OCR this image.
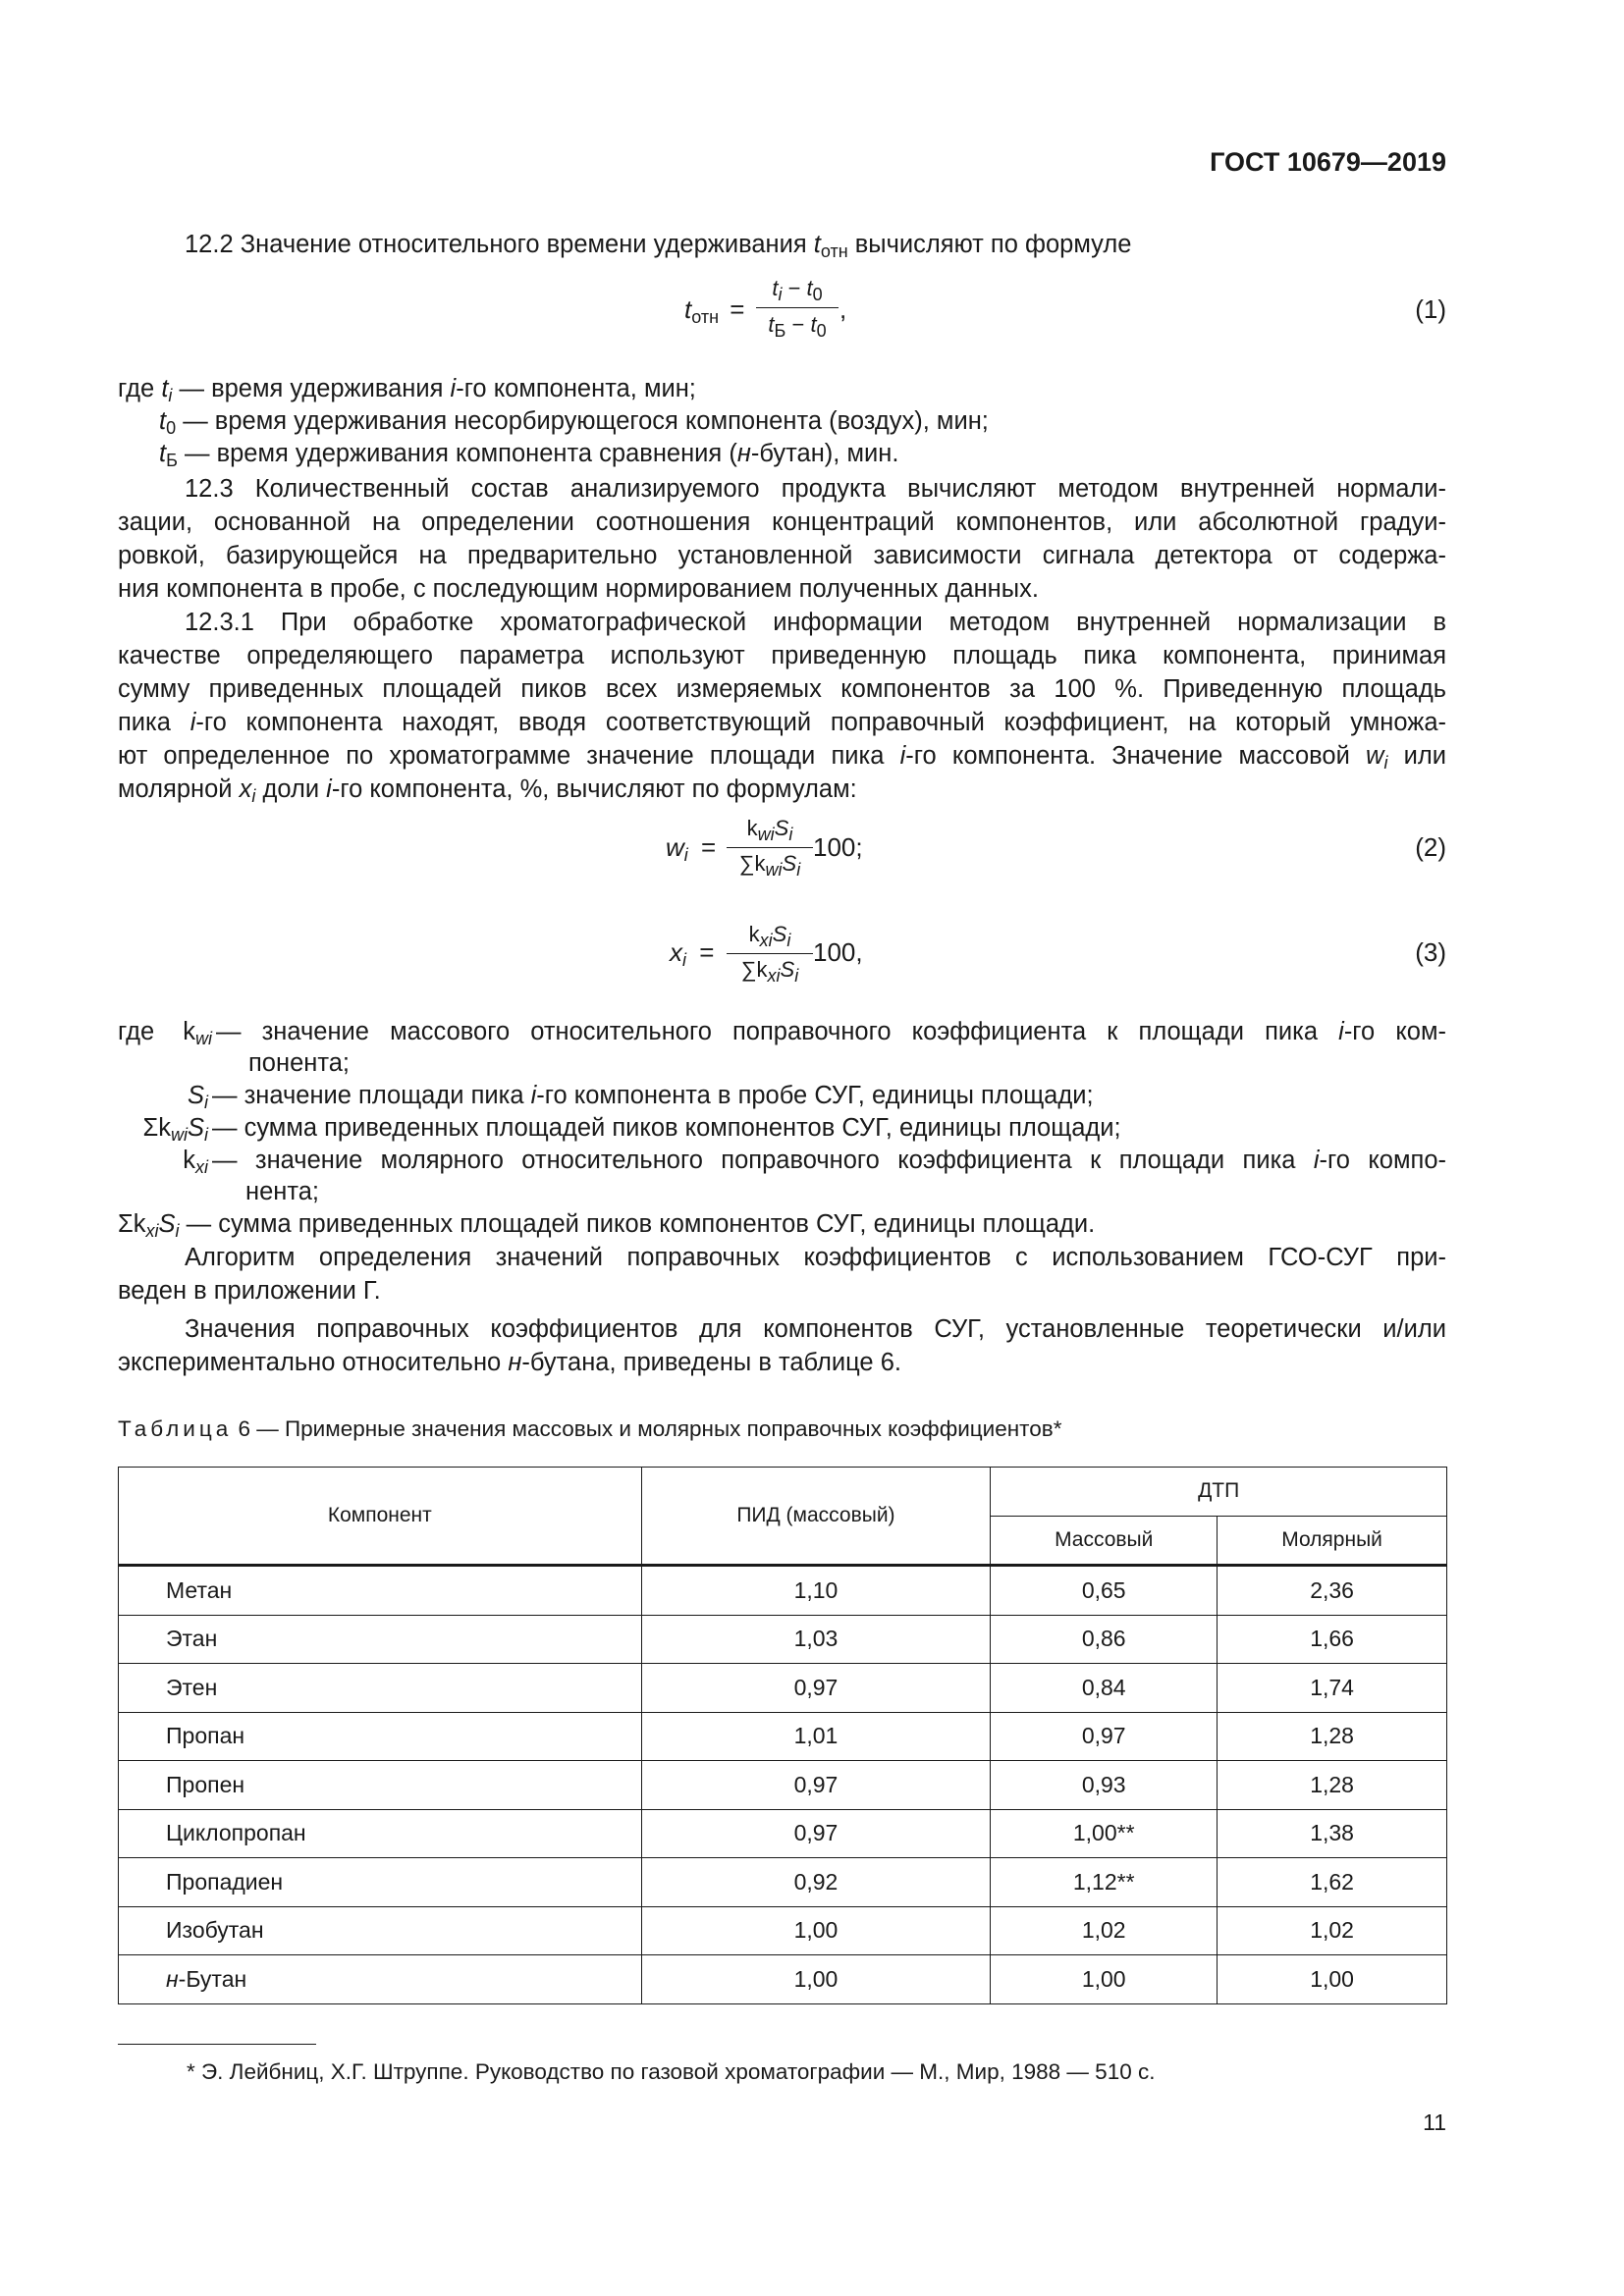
ГОСТ 10679—2019
12.2 Значение относительного времени удерживания $t_{отн}$ вычисляют по формуле
$t_{отн}$ =
$t_i - t_0$
$t_Б - t_0$
,	(1)
где $t_i$ — время удерживания i-го компонента, мин;
$t_0$ — время удерживания несорбирующегося компонента (воздух), мин;
$t_Б$ — время удерживания компонента сравнения (н-бутан), мин.
12.3 Количественный состав анализируемого продукта вычисляют методом внутренней нормали-
зации, основанной на определении соотношения концентраций компонентов, или абсолютной градуи-
ровкой, базирующейся на предварительно установленной зависимости сигнала детектора от содержа-
ния компонента в пробе, с последующим нормированием полученных данных.
12.3.1 При обработке хроматографической информации методом внутренней нормализации в
качестве определяющего параметра используют приведенную площадь пика компонента, принимая
сумму приведенных площадей пиков всех измеряемых компонентов за 100 %. Приведенную площадь
пика i-го компонента находят, вводя соответствующий поправочный коэффициент, на который умножа-
ют определенное по хроматограмме значение площади пика i-го компонента. Значение массовой $w_i$ или
молярной $x_i$ доли i-го компонента, %, вычисляют по формулам:
$w_i$ =
$k_{wi}S_i$
$\sum k_{wi}S_i$
100;	(2)
$x_i$ =
$k_{xi}S_i$
$\sum k_{xi}S_i$
100,	(3)
где	$k_{wi}$ — значение массового относительного поправочного коэффициента к площади пика i-го ком-
понента;
$S_i$ — значение площади пика i-го компонента в пробе СУГ, единицы площади;
$\Sigma k_{wi}S_i$ — сумма приведенных площадей пиков компонентов СУГ, единицы площади;
$k_{xi}$ — значение молярного относительного поправочного коэффициента к площади пика i-го компо-
нента;
$\Sigma k_{xi}S_i$ — сумма приведенных площадей пиков компонентов СУГ, единицы площади.
Алгоритм определения значений поправочных коэффициентов с использованием ГСО-СУГ при-
веден в приложении Г.
Значения поправочных коэффициентов для компонентов СУГ, установленные теоретически и/или
экспериментально относительно н-бутана, приведены в таблице 6.
Таблица 6 — Примерные значения массовых и молярных поправочных коэффициентов*
Компонент	ПИД (массовый)	ДТП	
		Массовый	Молярный
Метан	1,10	0,65	2,36
Этан	1,03	0,86	1,66
Этен	0,97	0,84	1,74
Пропан	1,01	0,97	1,28
Пропен	0,97	0,93	1,28
Циклопропан	0,97	1,00**	1,38
Пропадиен	0,92	1,12**	1,62
Изобутан	1,00	1,02	1,02
н-Бутан	1,00	1,00	1,00
* Э. Лейбниц, Х.Г. Штруппе. Руководство по газовой хроматографии — М., Мир, 1988 — 510 с.
11
